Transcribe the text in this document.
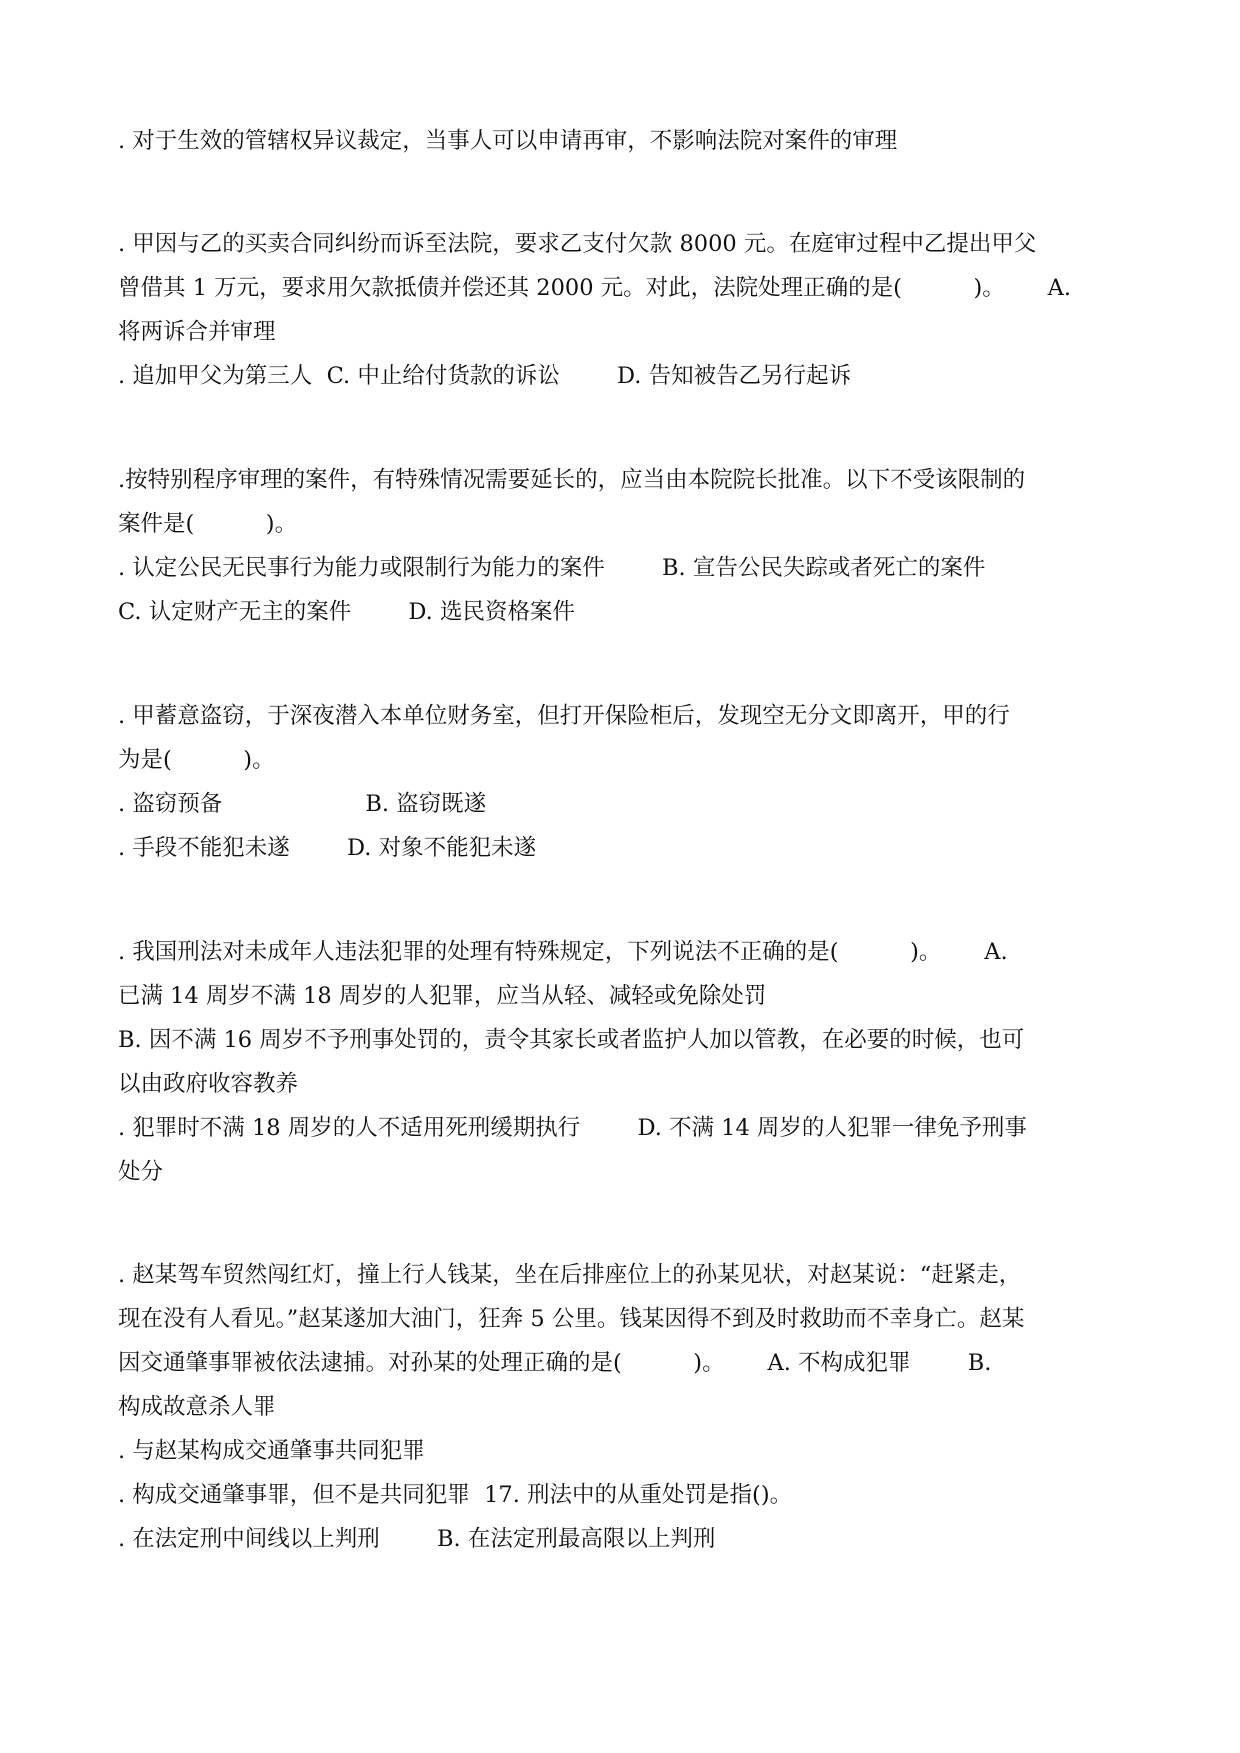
. 对于生效的管辖权异议裁定，当事人可以申请再审，不影响法院对案件的审理
. 甲因与乙的买卖合同纠纷而诉至法院，要求乙支付欠款 8000 元。在庭审过程中乙提出甲父
曾借其 1 万元，要求用欠款抵债并偿还其 2000 元。对此，法院处理正确的是(          )。      A.
将两诉合并审理
. 追加甲父为第三人  C. 中止给付货款的诉讼        D. 告知被告乙另行起诉
.按特别程序审理的案件，有特殊情况需要延长的，应当由本院院长批准。以下不受该限制的
案件是(          )。
. 认定公民无民事行为能力或限制行为能力的案件        B. 宣告公民失踪或者死亡的案件
C. 认定财产无主的案件        D. 选民资格案件
. 甲蓄意盗窃，于深夜潜入本单位财务室，但打开保险柜后，发现空无分文即离开，甲的行
为是(          )。
. 盗窃预备                    B. 盗窃既遂
. 手段不能犯未遂        D. 对象不能犯未遂
. 我国刑法对未成年人违法犯罪的处理有特殊规定，下列说法不正确的是(          )。      A.
已满 14 周岁不满 18 周岁的人犯罪，应当从轻、减轻或免除处罚
B. 因不满 16 周岁不予刑事处罚的，责令其家长或者监护人加以管教，在必要的时候，也可
以由政府收容教养
. 犯罪时不满 18 周岁的人不适用死刑缓期执行        D. 不满 14 周岁的人犯罪一律免予刑事
处分
. 赵某驾车贸然闯红灯，撞上行人钱某，坐在后排座位上的孙某见状，对赵某说：“赶紧走，
现在没有人看见。”赵某遂加大油门，狂奔 5 公里。钱某因得不到及时救助而不幸身亡。赵某
因交通肇事罪被依法逮捕。对孙某的处理正确的是(          )。      A. 不构成犯罪        B.
构成故意杀人罪
. 与赵某构成交通肇事共同犯罪
. 构成交通肇事罪，但不是共同犯罪  17. 刑法中的从重处罚是指()。
. 在法定刑中间线以上判刑        B. 在法定刑最高限以上判刑
